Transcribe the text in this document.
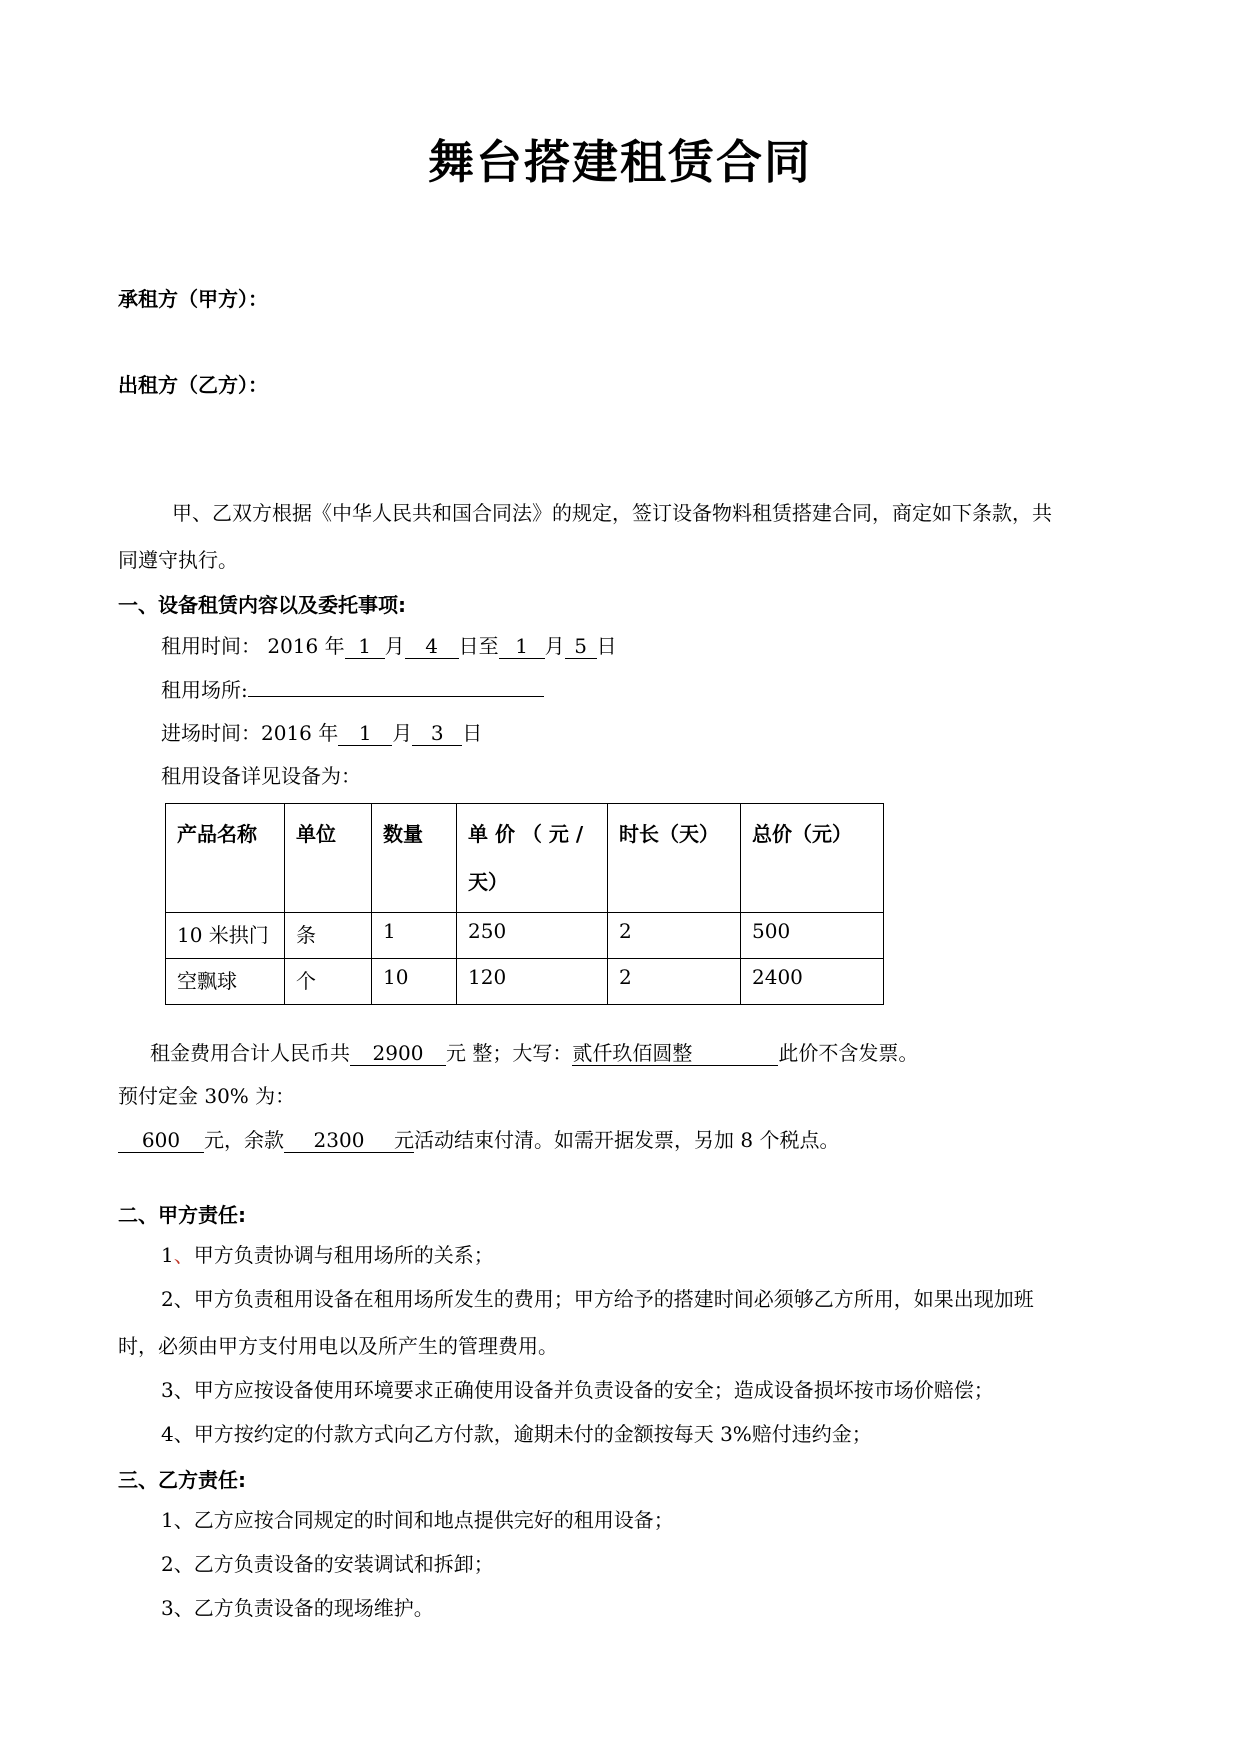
舞台搭建租赁合同
承租方（甲方）：
出租方（乙方）：
甲、乙双方根据《中华人民共和国合同法》的规定，签订设备物料租赁搭建合同，商定如下条款，共
同遵守执行。
一、设备租赁内容以及委托事项:
租用时间： 2016 年 1 月 4 日至 1 月 5 日
租用场所:
进场时间：2016 年 1 月 3 日
租用设备详见设备为：
产品名称	单位	数量	单 价 （ 元 / 天）	时长（天）	总价（元）
10 米拱门	条	1	250	2	500
空飘球	个	10	120	2	2400
租金费用合计人民币共 2900 元 整；大写：贰仟玖佰圆整	此价不含发票。
预付定金 30% 为：
600 元，余款 2300 元活动结束付清。如需开据发票，另加 8 个税点。
二、甲方责任:
1、甲方负责协调与租用场所的关系；
2、甲方负责租用设备在租用场所发生的费用；甲方给予的搭建时间必须够乙方所用，如果出现加班
时，必须由甲方支付用电以及所产生的管理费用。
3、甲方应按设备使用环境要求正确使用设备并负责设备的安全；造成设备损坏按市场价赔偿；
4、甲方按约定的付款方式向乙方付款，逾期未付的金额按每天 3%赔付违约金；
三、乙方责任:
1、乙方应按合同规定的时间和地点提供完好的租用设备；
2、乙方负责设备的安装调试和拆卸；
3、乙方负责设备的现场维护。
